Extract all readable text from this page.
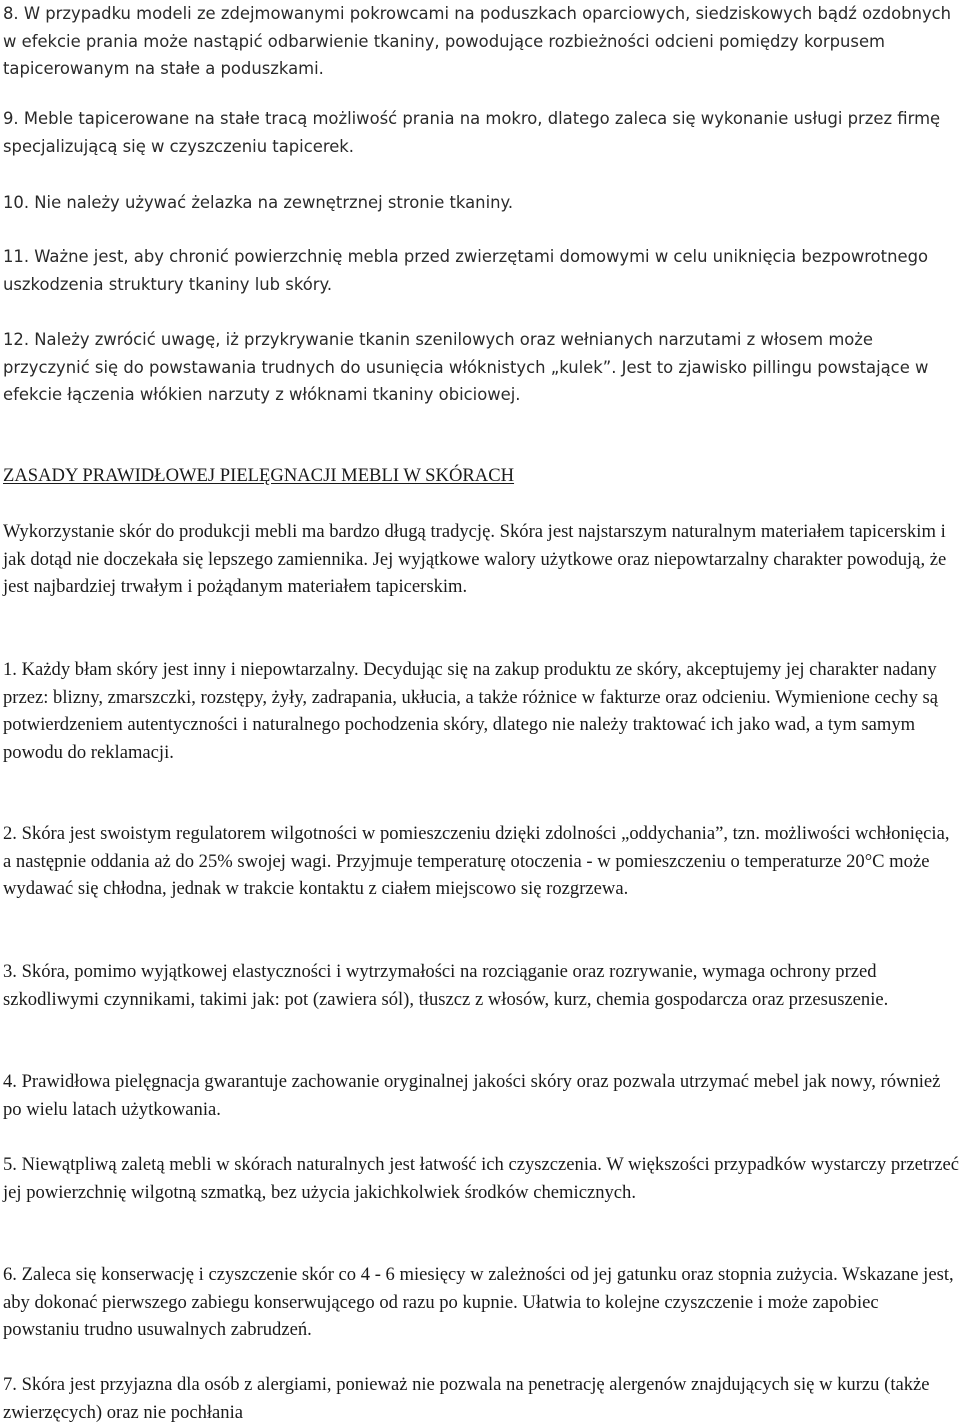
8. W przypadku modeli ze zdejmowanymi pokrowcami na poduszkach oparciowych, siedziskowych bądź ozdobnych w efekcie prania może nastąpić odbarwienie tkaniny, powodujące rozbieżności odcieni pomiędzy korpusem tapicerowanym na stałe a poduszkami.

9. Meble tapicerowane na stałe tracą możliwość prania na mokro, dlatego zaleca się wykonanie usługi przez firmę specjalizującą się w czyszczeniu tapicerek.

10. Nie należy używać żelazka na zewnętrznej stronie tkaniny.

11. Ważne jest, aby chronić powierzchnię mebla przed zwierzętami domowymi w celu uniknięcia bezpowrotnego uszkodzenia struktury tkaniny lub skóry.

12. Należy zwrócić uwagę, iż przykrywanie tkanin szenilowych oraz wełnianych narzutami z włosem może przyczynić się do powstawania trudnych do usunięcia włóknistych „kulek”. Jest to zjawisko pillingu powstające w efekcie łączenia włókien narzuty z włóknami tkaniny obiciowej.

ZASADY PRAWIDŁOWEJ PIELĘGNACJI MEBLI W SKÓRACH

Wykorzystanie skór do produkcji mebli ma bardzo długą tradycję. Skóra jest najstarszym naturalnym materiałem tapicerskim i jak dotąd nie doczekała się lepszego zamiennika. Jej wyjątkowe walory użytkowe oraz niepowtarzalny charakter powodują, że jest najbardziej trwałym i pożądanym materiałem tapicerskim.

1. Każdy błam skóry jest inny i niepowtarzalny. Decydując się na zakup produktu ze skóry, akceptujemy jej charakter nadany przez: blizny, zmarszczki, rozstępy, żyły, zadrapania, ukłucia, a także różnice w fakturze oraz odcieniu. Wymienione cechy są potwierdzeniem autentyczności i naturalnego pochodzenia skóry, dlatego nie należy traktować ich jako wad, a tym samym powodu do reklamacji.

2. Skóra jest swoistym regulatorem wilgotności w pomieszczeniu dzięki zdolności „oddychania”, tzn. możliwości wchłonięcia, a następnie oddania aż do 25% swojej wagi. Przyjmuje temperaturę otoczenia - w pomieszczeniu o temperaturze 20°C może wydawać się chłodna, jednak w trakcie kontaktu z ciałem miejscowo się rozgrzewa.

3. Skóra, pomimo wyjątkowej elastyczności i wytrzymałości na rozciąganie oraz rozrywanie, wymaga ochrony przed szkodliwymi czynnikami, takimi jak: pot (zawiera sól), tłuszcz z włosów, kurz, chemia gospodarcza oraz przesuszenie.

4. Prawidłowa pielęgnacja gwarantuje zachowanie oryginalnej jakości skóry oraz pozwala utrzymać mebel jak nowy, również po wielu latach użytkowania.

5. Niewątpliwą zaletą mebli w skórach naturalnych jest łatwość ich czyszczenia. W większości przypadków wystarczy przetrzeć jej powierzchnię wilgotną szmatką, bez użycia jakichkolwiek środków chemicznych.

6. Zaleca się konserwację i czyszczenie skór co 4 - 6 miesięcy w zależności od jej gatunku oraz stopnia zużycia. Wskazane jest, aby dokonać pierwszego zabiegu konserwującego od razu po kupnie. Ułatwia to kolejne czyszczenie i może zapobiec powstaniu trudno usuwalnych zabrudzeń.

7. Skóra jest przyjazna dla osób z alergiami, ponieważ nie pozwala na penetrację alergenów znajdujących się w kurzu (także zwierzęcych) oraz nie pochłania
